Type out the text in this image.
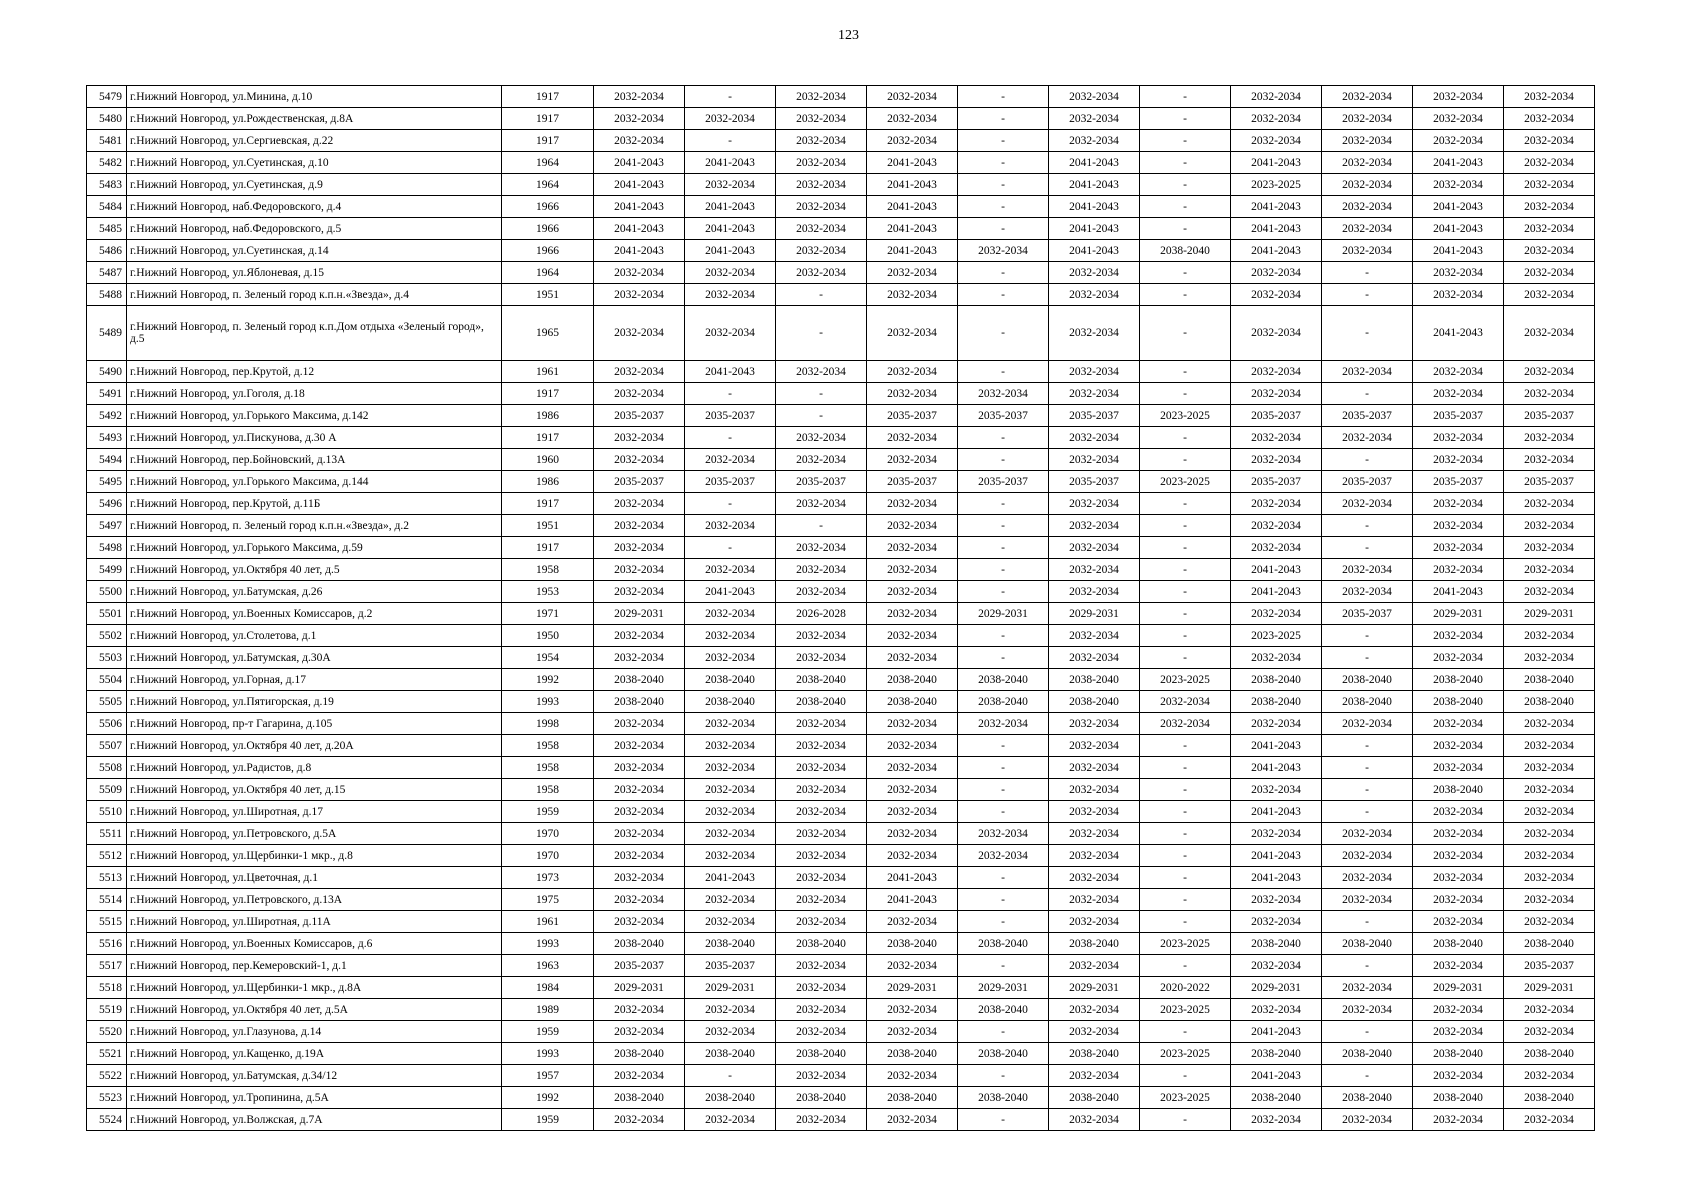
123
5479	г.Нижний Новгород, ул.Минина, д.10	1917	2032-2034	-	2032-2034	2032-2034	-	2032-2034	-	2032-2034	2032-2034	2032-2034	2032-2034
5480	г.Нижний Новгород, ул.Рождественская, д.8А	1917	2032-2034	2032-2034	2032-2034	2032-2034	-	2032-2034	-	2032-2034	2032-2034	2032-2034	2032-2034
5481	г.Нижний Новгород, ул.Сергиевская, д.22	1917	2032-2034	-	2032-2034	2032-2034	-	2032-2034	-	2032-2034	2032-2034	2032-2034	2032-2034
5482	г.Нижний Новгород, ул.Суетинская, д.10	1964	2041-2043	2041-2043	2032-2034	2041-2043	-	2041-2043	-	2041-2043	2032-2034	2041-2043	2032-2034
5483	г.Нижний Новгород, ул.Суетинская, д.9	1964	2041-2043	2032-2034	2032-2034	2041-2043	-	2041-2043	-	2023-2025	2032-2034	2032-2034	2032-2034
5484	г.Нижний Новгород, наб.Федоровского, д.4	1966	2041-2043	2041-2043	2032-2034	2041-2043	-	2041-2043	-	2041-2043	2032-2034	2041-2043	2032-2034
5485	г.Нижний Новгород, наб.Федоровского, д.5	1966	2041-2043	2041-2043	2032-2034	2041-2043	-	2041-2043	-	2041-2043	2032-2034	2041-2043	2032-2034
5486	г.Нижний Новгород, ул.Суетинская, д.14	1966	2041-2043	2041-2043	2032-2034	2041-2043	2032-2034	2041-2043	2038-2040	2041-2043	2032-2034	2041-2043	2032-2034
5487	г.Нижний Новгород, ул.Яблоневая, д.15	1964	2032-2034	2032-2034	2032-2034	2032-2034	-	2032-2034	-	2032-2034	-	2032-2034	2032-2034
5488	г.Нижний Новгород, п. Зеленый город к.п.н.«Звезда», д.4	1951	2032-2034	2032-2034	-	2032-2034	-	2032-2034	-	2032-2034	-	2032-2034	2032-2034
5489	г.Нижний Новгород, п. Зеленый город к.п.Дом отдыха «Зеленый город», д.5	1965	2032-2034	2032-2034	-	2032-2034	-	2032-2034	-	2032-2034	-	2041-2043	2032-2034
5490	г.Нижний Новгород, пер.Крутой, д.12	1961	2032-2034	2041-2043	2032-2034	2032-2034	-	2032-2034	-	2032-2034	2032-2034	2032-2034	2032-2034
5491	г.Нижний Новгород, ул.Гоголя, д.18	1917	2032-2034	-	-	2032-2034	2032-2034	2032-2034	-	2032-2034	-	2032-2034	2032-2034
5492	г.Нижний Новгород, ул.Горького Максима, д.142	1986	2035-2037	2035-2037	-	2035-2037	2035-2037	2035-2037	2023-2025	2035-2037	2035-2037	2035-2037	2035-2037
5493	г.Нижний Новгород, ул.Пискунова, д.30 А	1917	2032-2034	-	2032-2034	2032-2034	-	2032-2034	-	2032-2034	2032-2034	2032-2034	2032-2034
5494	г.Нижний Новгород, пер.Бойновский, д.13А	1960	2032-2034	2032-2034	2032-2034	2032-2034	-	2032-2034	-	2032-2034	-	2032-2034	2032-2034
5495	г.Нижний Новгород, ул.Горького Максима, д.144	1986	2035-2037	2035-2037	2035-2037	2035-2037	2035-2037	2035-2037	2023-2025	2035-2037	2035-2037	2035-2037	2035-2037
5496	г.Нижний Новгород, пер.Крутой, д.11Б	1917	2032-2034	-	2032-2034	2032-2034	-	2032-2034	-	2032-2034	2032-2034	2032-2034	2032-2034
5497	г.Нижний Новгород, п. Зеленый город к.п.н.«Звезда», д.2	1951	2032-2034	2032-2034	-	2032-2034	-	2032-2034	-	2032-2034	-	2032-2034	2032-2034
5498	г.Нижний Новгород, ул.Горького Максима, д.59	1917	2032-2034	-	2032-2034	2032-2034	-	2032-2034	-	2032-2034	-	2032-2034	2032-2034
5499	г.Нижний Новгород, ул.Октября 40 лет, д.5	1958	2032-2034	2032-2034	2032-2034	2032-2034	-	2032-2034	-	2041-2043	2032-2034	2032-2034	2032-2034
5500	г.Нижний Новгород, ул.Батумская, д.26	1953	2032-2034	2041-2043	2032-2034	2032-2034	-	2032-2034	-	2041-2043	2032-2034	2041-2043	2032-2034
5501	г.Нижний Новгород, ул.Военных Комиссаров, д.2	1971	2029-2031	2032-2034	2026-2028	2032-2034	2029-2031	2029-2031	-	2032-2034	2035-2037	2029-2031	2029-2031
5502	г.Нижний Новгород, ул.Столетова, д.1	1950	2032-2034	2032-2034	2032-2034	2032-2034	-	2032-2034	-	2023-2025	-	2032-2034	2032-2034
5503	г.Нижний Новгород, ул.Батумская, д.30А	1954	2032-2034	2032-2034	2032-2034	2032-2034	-	2032-2034	-	2032-2034	-	2032-2034	2032-2034
5504	г.Нижний Новгород, ул.Горная, д.17	1992	2038-2040	2038-2040	2038-2040	2038-2040	2038-2040	2038-2040	2023-2025	2038-2040	2038-2040	2038-2040	2038-2040
5505	г.Нижний Новгород, ул.Пятигорская, д.19	1993	2038-2040	2038-2040	2038-2040	2038-2040	2038-2040	2038-2040	2032-2034	2038-2040	2038-2040	2038-2040	2038-2040
5506	г.Нижний Новгород, пр-т Гагарина, д.105	1998	2032-2034	2032-2034	2032-2034	2032-2034	2032-2034	2032-2034	2032-2034	2032-2034	2032-2034	2032-2034	2032-2034
5507	г.Нижний Новгород, ул.Октября 40 лет, д.20А	1958	2032-2034	2032-2034	2032-2034	2032-2034	-	2032-2034	-	2041-2043	-	2032-2034	2032-2034
5508	г.Нижний Новгород, ул.Радистов, д.8	1958	2032-2034	2032-2034	2032-2034	2032-2034	-	2032-2034	-	2041-2043	-	2032-2034	2032-2034
5509	г.Нижний Новгород, ул.Октября 40 лет, д.15	1958	2032-2034	2032-2034	2032-2034	2032-2034	-	2032-2034	-	2032-2034	-	2038-2040	2032-2034
5510	г.Нижний Новгород, ул.Широтная, д.17	1959	2032-2034	2032-2034	2032-2034	2032-2034	-	2032-2034	-	2041-2043	-	2032-2034	2032-2034
5511	г.Нижний Новгород, ул.Петровского, д.5А	1970	2032-2034	2032-2034	2032-2034	2032-2034	2032-2034	2032-2034	-	2032-2034	2032-2034	2032-2034	2032-2034
5512	г.Нижний Новгород, ул.Щербинки-1 мкр., д.8	1970	2032-2034	2032-2034	2032-2034	2032-2034	2032-2034	2032-2034	-	2041-2043	2032-2034	2032-2034	2032-2034
5513	г.Нижний Новгород, ул.Цветочная, д.1	1973	2032-2034	2041-2043	2032-2034	2041-2043	-	2032-2034	-	2041-2043	2032-2034	2032-2034	2032-2034
5514	г.Нижний Новгород, ул.Петровского, д.13А	1975	2032-2034	2032-2034	2032-2034	2041-2043	-	2032-2034	-	2032-2034	2032-2034	2032-2034	2032-2034
5515	г.Нижний Новгород, ул.Широтная, д.11А	1961	2032-2034	2032-2034	2032-2034	2032-2034	-	2032-2034	-	2032-2034	-	2032-2034	2032-2034
5516	г.Нижний Новгород, ул.Военных Комиссаров, д.6	1993	2038-2040	2038-2040	2038-2040	2038-2040	2038-2040	2038-2040	2023-2025	2038-2040	2038-2040	2038-2040	2038-2040
5517	г.Нижний Новгород, пер.Кемеровский-1, д.1	1963	2035-2037	2035-2037	2032-2034	2032-2034	-	2032-2034	-	2032-2034	-	2032-2034	2035-2037
5518	г.Нижний Новгород, ул.Щербинки-1 мкр., д.8А	1984	2029-2031	2029-2031	2032-2034	2029-2031	2029-2031	2029-2031	2020-2022	2029-2031	2032-2034	2029-2031	2029-2031
5519	г.Нижний Новгород, ул.Октября 40 лет, д.5А	1989	2032-2034	2032-2034	2032-2034	2032-2034	2038-2040	2032-2034	2023-2025	2032-2034	2032-2034	2032-2034	2032-2034
5520	г.Нижний Новгород, ул.Глазунова, д.14	1959	2032-2034	2032-2034	2032-2034	2032-2034	-	2032-2034	-	2041-2043	-	2032-2034	2032-2034
5521	г.Нижний Новгород, ул.Кащенко, д.19А	1993	2038-2040	2038-2040	2038-2040	2038-2040	2038-2040	2038-2040	2023-2025	2038-2040	2038-2040	2038-2040	2038-2040
5522	г.Нижний Новгород, ул.Батумская, д.34/12	1957	2032-2034	-	2032-2034	2032-2034	-	2032-2034	-	2041-2043	-	2032-2034	2032-2034
5523	г.Нижний Новгород, ул.Тропинина, д.5А	1992	2038-2040	2038-2040	2038-2040	2038-2040	2038-2040	2038-2040	2023-2025	2038-2040	2038-2040	2038-2040	2038-2040
5524	г.Нижний Новгород, ул.Волжская, д.7А	1959	2032-2034	2032-2034	2032-2034	2032-2034	-	2032-2034	-	2032-2034	2032-2034	2032-2034	2032-2034
